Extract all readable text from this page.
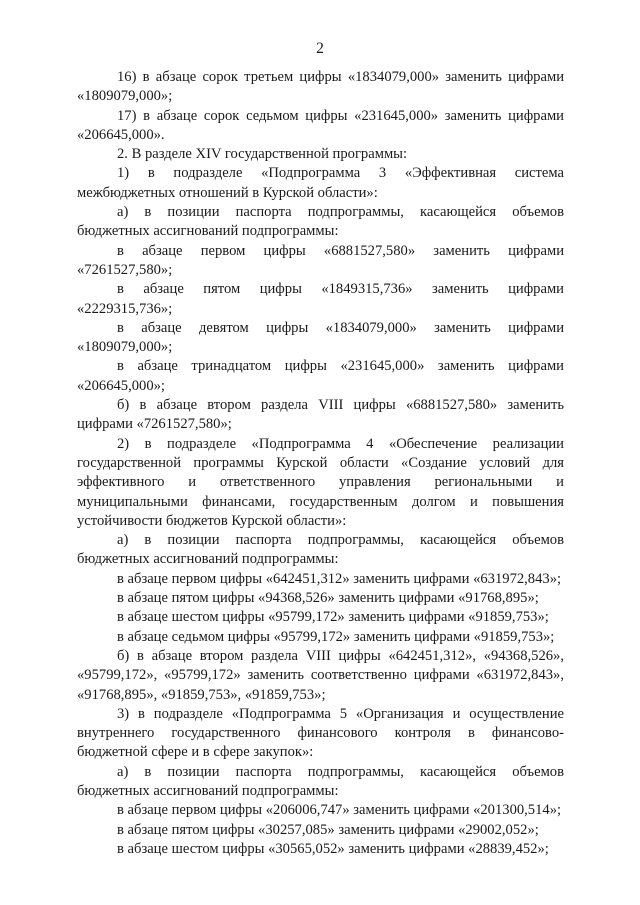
2

16) в абзаце сорок третьем цифры «1834079,000» заменить цифрами «1809079,000»;

17) в абзаце сорок седьмом цифры «231645,000» заменить цифрами «206645,000».

2. В разделе XIV государственной программы:

1) в подразделе «Подпрограмма 3 «Эффективная система межбюджетных отношений в Курской области»:

а) в позиции паспорта подпрограммы, касающейся объемов бюджетных ассигнований подпрограммы:

в абзаце первом цифры «6881527,580» заменить цифрами «7261527,580»;

в абзаце пятом цифры «1849315,736» заменить цифрами «2229315,736»;

в абзаце девятом цифры «1834079,000» заменить цифрами «1809079,000»;

в абзаце тринадцатом цифры «231645,000» заменить цифрами «206645,000»;

б) в абзаце втором раздела VIII цифры «6881527,580» заменить цифрами «7261527,580»;

2) в подразделе «Подпрограмма 4 «Обеспечение реализации государственной программы Курской области «Создание условий для эффективного и ответственного управления региональными и муниципальными финансами, государственным долгом и повышения устойчивости бюджетов Курской области»:

а) в позиции паспорта подпрограммы, касающейся объемов бюджетных ассигнований подпрограммы:

в абзаце первом цифры «642451,312» заменить цифрами «631972,843»;

в абзаце пятом цифры «94368,526» заменить цифрами «91768,895»;

в абзаце шестом цифры «95799,172» заменить цифрами «91859,753»;

в абзаце седьмом цифры «95799,172» заменить цифрами «91859,753»;

б) в абзаце втором раздела VIII цифры «642451,312», «94368,526», «95799,172», «95799,172» заменить соответственно цифрами «631972,843», «91768,895», «91859,753», «91859,753»;

3) в подразделе «Подпрограмма 5 «Организация и осуществление внутреннего государственного финансового контроля в финансово-бюджетной сфере и в сфере закупок»:

а) в позиции паспорта подпрограммы, касающейся объемов бюджетных ассигнований подпрограммы:

в абзаце первом цифры «206006,747» заменить цифрами «201300,514»;

в абзаце пятом цифры «30257,085» заменить цифрами «29002,052»;

в абзаце шестом цифры «30565,052» заменить цифрами «28839,452»;
